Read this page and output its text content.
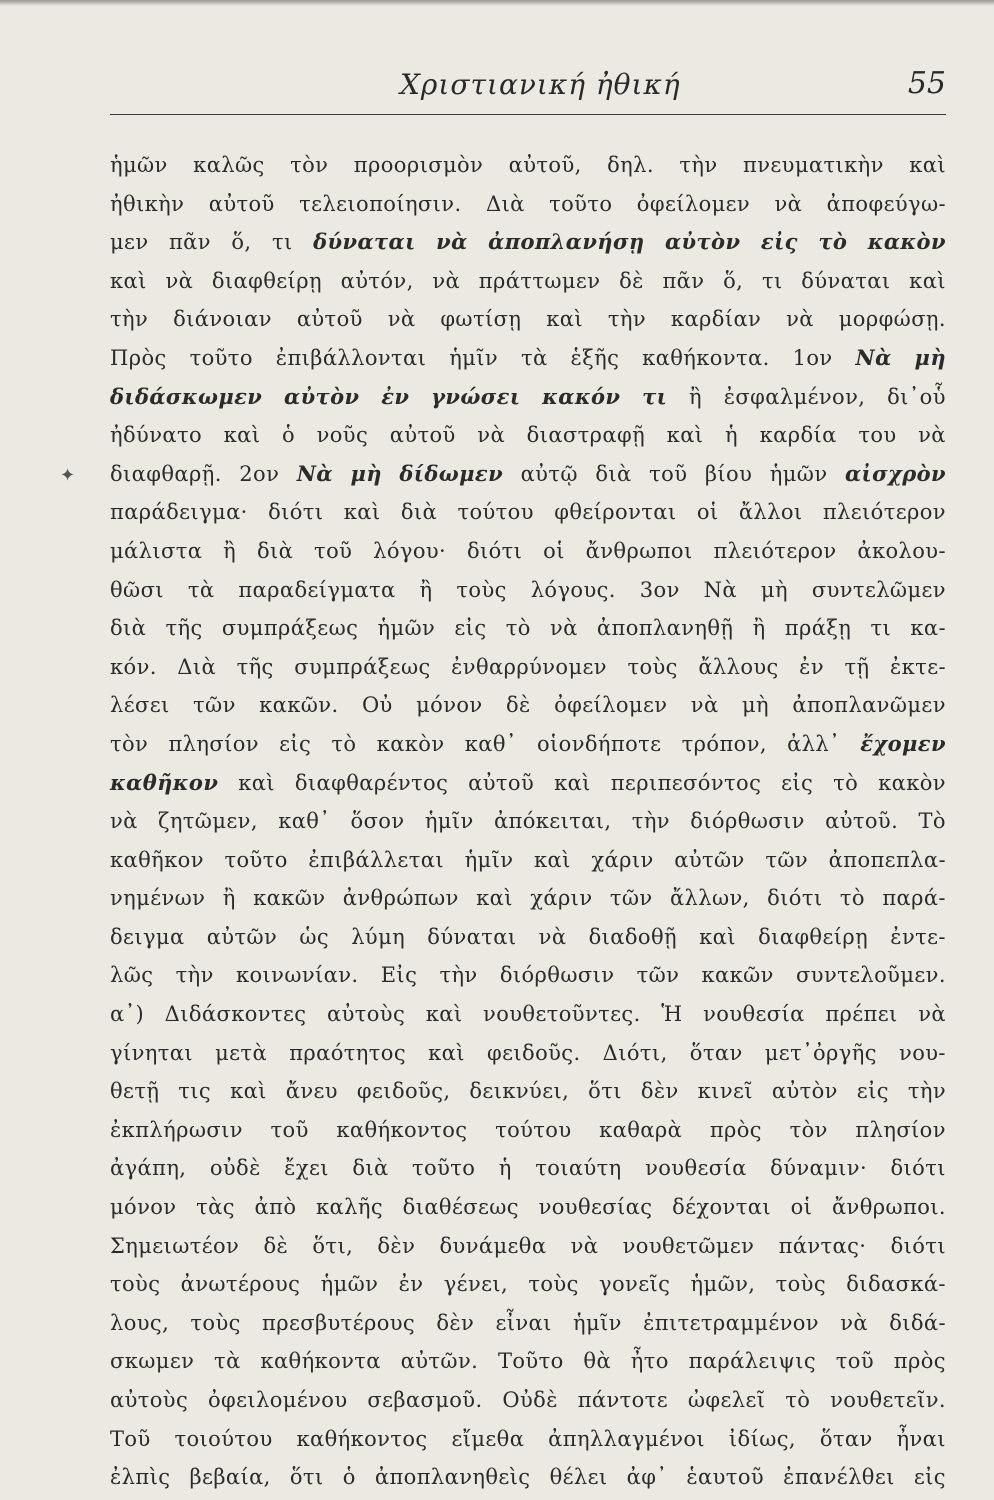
Χριστιανική ἠθική	55
✦
ἡμῶν καλῶς τὸν προορισμὸν αὐτοῦ, δηλ. τὴν πνευματικὴν καὶ
ἠθικὴν αὐτοῦ τελειοποίησιν. Διὰ τοῦτο ὀφείλομεν νὰ ἀποφεύγω-
μεν πᾶν ὅ, τι δύναται νὰ ἀποπλανήσῃ αὐτὸν εἰς τὸ κακὸν
καὶ νὰ διαφθείρῃ αὐτόν, νὰ πράττωμεν δὲ πᾶν ὅ, τι δύναται καὶ
τὴν διάνοιαν αὐτοῦ νὰ φωτίσῃ καὶ τὴν καρδίαν νὰ μορφώσῃ.
Πρὸς τοῦτο ἐπιβάλλονται ἡμῖν τὰ ἑξῆς καθήκοντα. 1ον Νὰ μὴ
διδάσκωμεν αὐτὸν ἐν γνώσει κακόν τι ἢ ἐσφαλμένον, δι᾽οὗ
ἠδύνατο καὶ ὁ νοῦς αὐτοῦ νὰ διαστραφῇ καὶ ἡ καρδία του νὰ
διαφθαρῇ. 2ον Νὰ μὴ δίδωμεν αὐτῷ διὰ τοῦ βίου ἡμῶν αἰσχρὸν
παράδειγμα· διότι καὶ διὰ τούτου φθείρονται οἱ ἄλλοι πλειότερον
μάλιστα ἢ διὰ τοῦ λόγου· διότι οἱ ἄνθρωποι πλειότερον ἀκολου-
θῶσι τὰ παραδείγματα ἢ τοὺς λόγους. 3ον Νὰ μὴ συντελῶμεν
διὰ τῆς συμπράξεως ἡμῶν εἰς τὸ νὰ ἀποπλανηθῇ ἢ πράξῃ τι κα-
κόν. Διὰ τῆς συμπράξεως ἐνθαρρύνομεν τοὺς ἄλλους ἐν τῇ ἐκτε-
λέσει τῶν κακῶν. Οὐ μόνον δὲ ὀφείλομεν νὰ μὴ ἀποπλανῶμεν
τὸν πλησίον εἰς τὸ κακὸν καθ᾽ οἱονδήποτε τρόπον, ἀλλ᾽ ἔχομεν
καθῆκον καὶ διαφθαρέντος αὐτοῦ καὶ περιπεσόντος εἰς τὸ κακὸν
νὰ ζητῶμεν, καθ᾽ ὅσον ἡμῖν ἀπόκειται, τὴν διόρθωσιν αὐτοῦ. Τὸ
καθῆκον τοῦτο ἐπιβάλλεται ἡμῖν καὶ χάριν αὐτῶν τῶν ἀποπεπλα-
νημένων ἢ κακῶν ἀνθρώπων καὶ χάριν τῶν ἄλλων, διότι τὸ παρά-
δειγμα αὐτῶν ὡς λύμη δύναται νὰ διαδοθῇ καὶ διαφθείρῃ ἐντε-
λῶς τὴν κοινωνίαν. Εἰς τὴν διόρθωσιν τῶν κακῶν συντελοῦμεν.
α᾽) Διδάσκοντες αὐτοὺς καὶ νουθετοῦντες. Ἡ νουθεσία πρέπει νὰ
γίνηται μετὰ πραότητος καὶ φειδοῦς. Διότι, ὅταν μετ᾽ὀργῆς νου-
θετῇ τις καὶ ἄνευ φειδοῦς, δεικνύει, ὅτι δὲν κινεῖ αὐτὸν εἰς τὴν
ἐκπλήρωσιν τοῦ καθήκοντος τούτου καθαρὰ πρὸς τὸν πλησίον
ἀγάπη, οὐδὲ ἔχει διὰ τοῦτο ἡ τοιαύτη νουθεσία δύναμιν· διότι
μόνον τὰς ἀπὸ καλῆς διαθέσεως νουθεσίας δέχονται οἱ ἄνθρωποι.
Σημειωτέον δὲ ὅτι, δὲν δυνάμεθα νὰ νουθετῶμεν πάντας· διότι
τοὺς ἀνωτέρους ἡμῶν ἐν γένει, τοὺς γονεῖς ἡμῶν, τοὺς διδασκά-
λους, τοὺς πρεσβυτέρους δὲν εἶναι ἡμῖν ἐπιτετραμμένον νὰ διδά-
σκωμεν τὰ καθήκοντα αὐτῶν. Τοῦτο θὰ ἦτο παράλειψις τοῦ πρὸς
αὐτοὺς ὀφειλομένου σεβασμοῦ. Οὐδὲ πάντοτε ὠφελεῖ τὸ νουθετεῖν.
Τοῦ τοιούτου καθήκοντος εἴμεθα ἀπηλλαγμένοι ἰδίως, ὅταν ἦναι
ἐλπὶς βεβαία, ὅτι ὁ ἀποπλανηθεὶς θέλει ἀφ᾽ ἑαυτοῦ ἐπανέλθει εἰς
